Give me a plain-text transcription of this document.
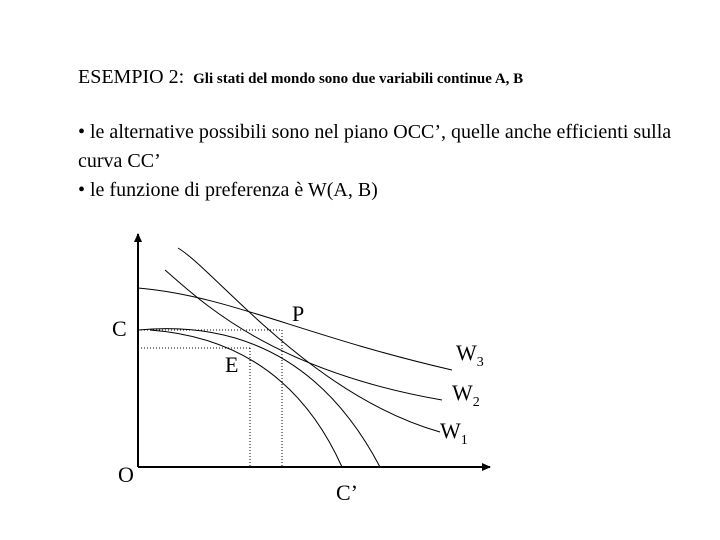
ESEMPIO 2: Gli stati del mondo sono due variabili continue A, B

• le alternative possibili sono nel piano OCC’, quelle anche efficienti sulla curva CC’

• le funzione di preferenza è W(A, B)

O
C
C’
P
E	$W_3$
$W_2$
$W_1$
